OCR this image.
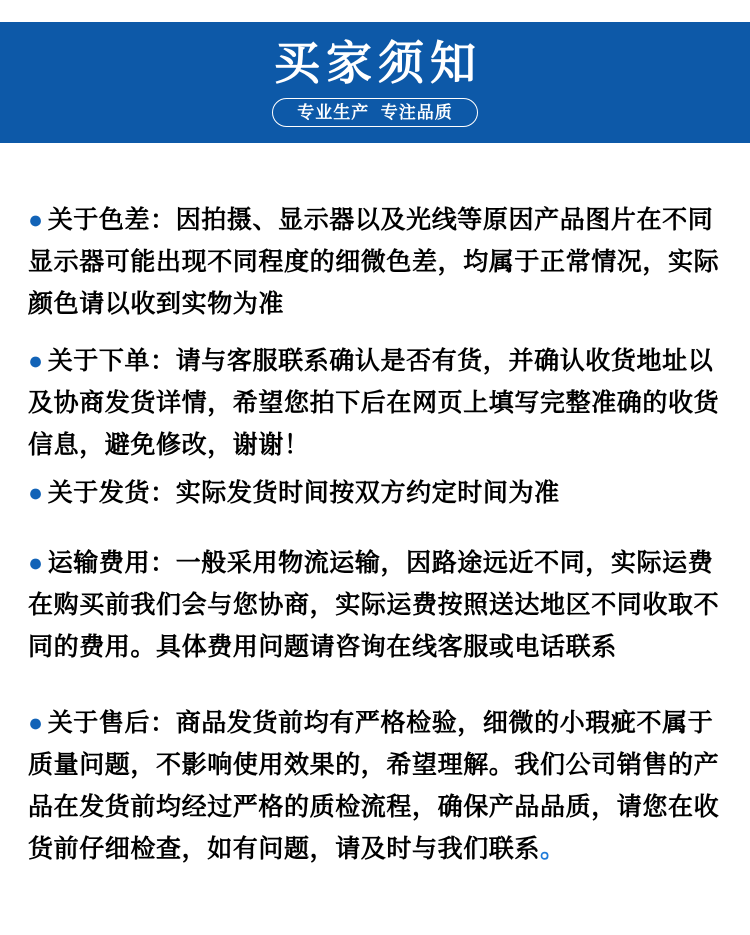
买家须知
专业生产  专注品质

● 关于色差：因拍摄、显示器以及光线等原因产品图片在不同显示器可能出现不同程度的细微色差，均属于正常情况，实际颜色请以收到实物为准

● 关于下单：请与客服联系确认是否有货，并确认收货地址以及协商发货详情，希望您拍下后在网页上填写完整准确的收货信息，避免修改，谢谢！

● 关于发货：实际发货时间按双方约定时间为准

● 运输费用：一般采用物流运输，因路途远近不同，实际运费在购买前我们会与您协商，实际运费按照送达地区不同收取不同的费用。具体费用问题请咨询在线客服或电话联系

● 关于售后：商品发货前均有严格检验，细微的小瑕疵不属于质量问题，不影响使用效果的，希望理解。我们公司销售的产品在发货前均经过严格的质检流程，确保产品品质，请您在收货前仔细检查，如有问题，请及时与我们联系。
